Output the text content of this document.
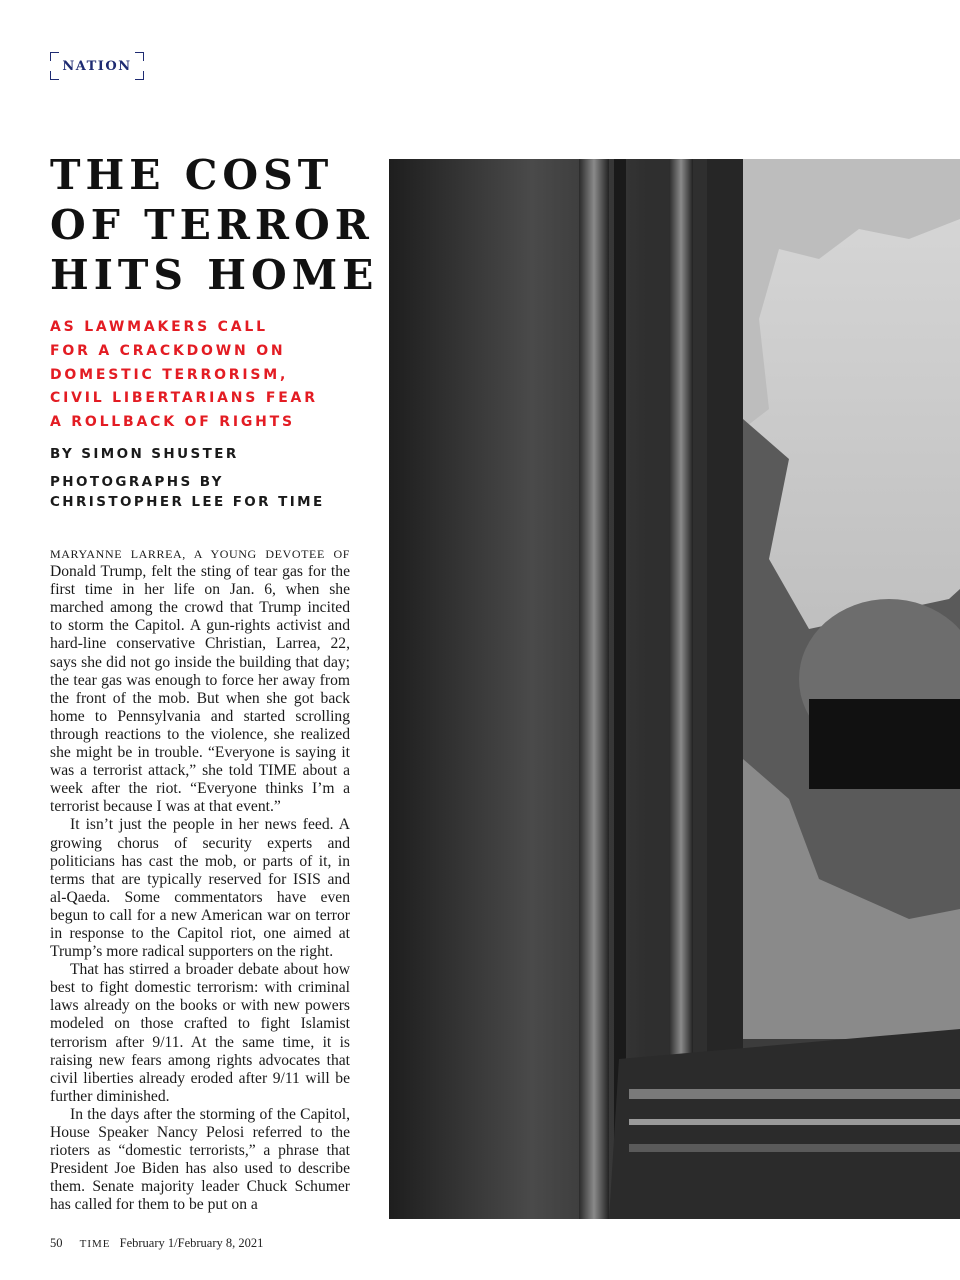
NATION
THE COST
OF TERROR
HITS HOME
AS LAWMAKERS CALL
FOR A CRACKDOWN ON
DOMESTIC TERRORISM,
CIVIL LIBERTARIANS FEAR
A ROLLBACK OF RIGHTS
BY SIMON SHUSTER
PHOTOGRAPHS BY
CHRISTOPHER LEE FOR TIME

MARYANNE LARREA, A YOUNG DEVOTEE OF Donald Trump, felt the sting of tear gas for the first time in her life on Jan. 6, when she marched among the crowd that Trump incited to storm the Capitol. A gun-rights activist and hard-line conservative Christian, Larrea, 22, says she did not go inside the building that day; the tear gas was enough to force her away from the front of the mob. But when she got back home to Pennsylvania and started scrolling through reactions to the violence, she realized she might be in trouble. “Everyone is saying it was a terrorist attack,” she told TIME about a week after the riot. “Everyone thinks I’m a terrorist because I was at that event.”

It isn’t just the people in her news feed. A growing chorus of security experts and politicians has cast the mob, or parts of it, in terms that are typically reserved for ISIS and al-Qaeda. Some commentators have even begun to call for a new American war on terror in response to the Capitol riot, one aimed at Trump’s more radical supporters on the right.

That has stirred a broader debate about how best to fight domestic terrorism: with criminal laws already on the books or with new powers modeled on those crafted to fight Islamist terrorism after 9/11. At the same time, it is raising new fears among rights advocates that civil liberties already eroded after 9/11 will be further diminished.

In the days after the storming of the Capitol, House Speaker Nancy Pelosi referred to the rioters as “domestic terrorists,” a phrase that President Joe Biden has also used to describe them. Senate majority leader Chuck Schumer has called for them to be put on a

50 TIME February 1/February 8, 2021
